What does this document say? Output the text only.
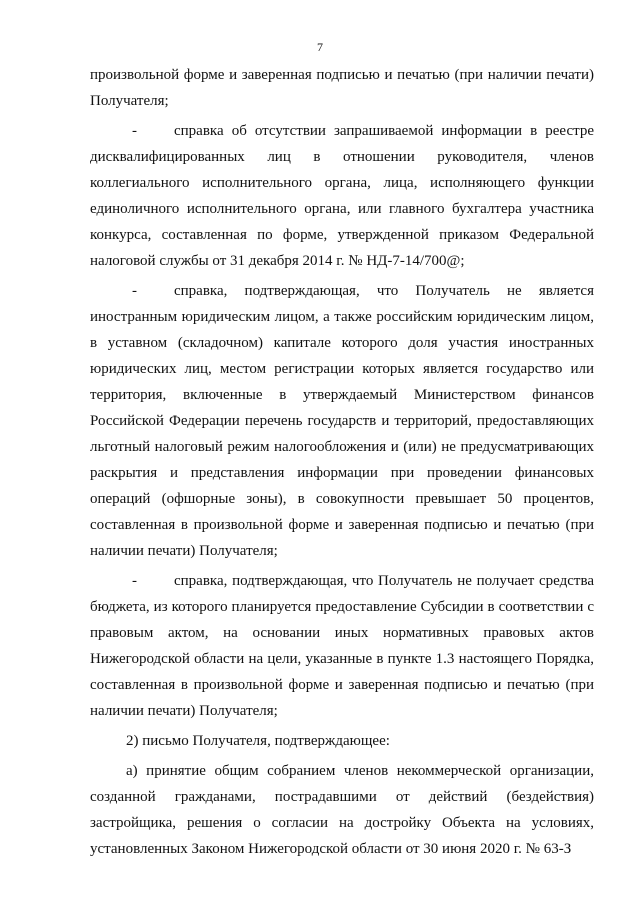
7

произвольной форме и заверенная подписью и печатью (при наличии печати) Получателя;

- справка об отсутствии запрашиваемой информации в реестре дисквалифицированных лиц в отношении руководителя, членов коллегиального исполнительного органа, лица, исполняющего функции единоличного исполнительного органа, или главного бухгалтера участника конкурса, составленная по форме, утвержденной приказом Федеральной налоговой службы от 31 декабря 2014 г. № НД-7-14/700@;

- справка, подтверждающая, что Получатель не является иностранным юридическим лицом, а также российским юридическим лицом, в уставном (складочном) капитале которого доля участия иностранных юридических лиц, местом регистрации которых является государство или территория, включенные в утверждаемый Министерством финансов Российской Федерации перечень государств и территорий, предоставляющих льготный налоговый режим налогообложения и (или) не предусматривающих раскрытия и представления информации при проведении финансовых операций (офшорные зоны), в совокупности превышает 50 процентов, составленная в произвольной форме и заверенная подписью и печатью (при наличии печати) Получателя;

- справка, подтверждающая, что Получатель не получает средства бюджета, из которого планируется предоставление Субсидии в соответствии с правовым актом, на основании иных нормативных правовых актов Нижегородской области на цели, указанные в пункте 1.3 настоящего Порядка, составленная в произвольной форме и заверенная подписью и печатью (при наличии печати) Получателя;

2) письмо Получателя, подтверждающее:

а) принятие общим собранием членов некоммерческой организации, созданной гражданами, пострадавшими от действий (бездействия) застройщика, решения о согласии на достройку Объекта на условиях, установленных Законом Нижегородской области от 30 июня 2020 г. № 63-З
